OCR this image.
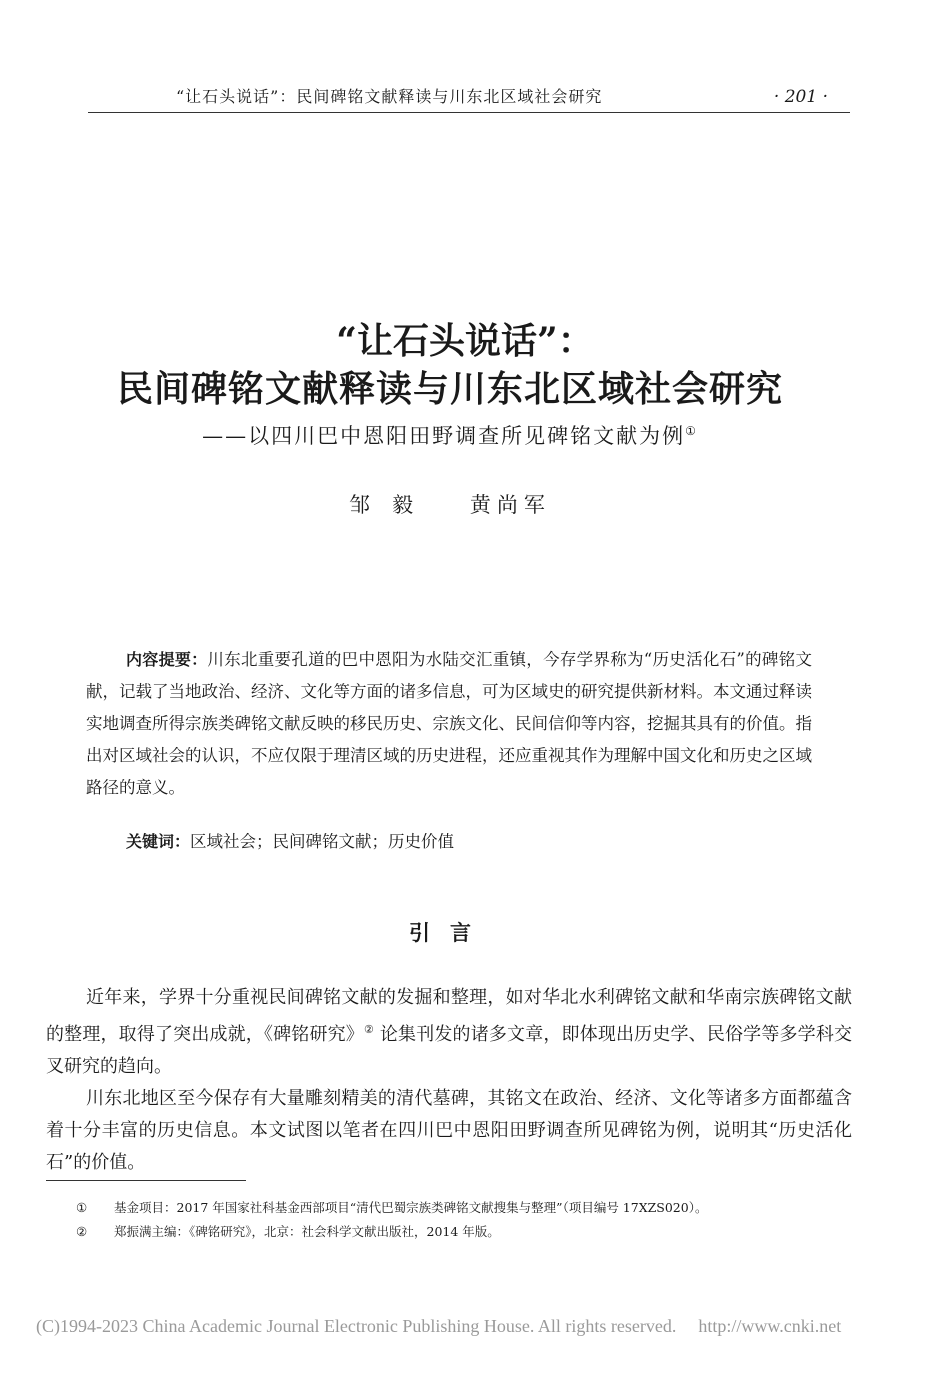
“让石头说话”：民间碑铭文献释读与川东北区域社会研究	· 201 ·
“让石头说话”：
民间碑铭文献释读与川东北区域社会研究
——以四川巴中恩阳田野调查所见碑铭文献为例①
邹毅 黄尚军
内容提要：川东北重要孔道的巴中恩阳为水陆交汇重镇，今存学界称为“历史活化石”的碑铭文献，记载了当地政治、经济、文化等方面的诸多信息，可为区域史的研究提供新材料。本文通过释读实地调查所得宗族类碑铭文献反映的移民历史、宗族文化、民间信仰等内容，挖掘其具有的价值。指出对区域社会的认识，不应仅限于理清区域的历史进程，还应重视其作为理解中国文化和历史之区域路径的意义。
关键词：区域社会；民间碑铭文献；历史价值
引言

近年来，学界十分重视民间碑铭文献的发掘和整理，如对华北水利碑铭文献和华南宗族碑铭文献的整理，取得了突出成就，《碑铭研究》② 论集刊发的诸多文章，即体现出历史学、民俗学等多学科交叉研究的趋向。

川东北地区至今保存有大量雕刻精美的清代墓碑，其铭文在政治、经济、文化等诸多方面都蕴含着十分丰富的历史信息。本文试图以笔者在四川巴中恩阳田野调查所见碑铭为例，说明其“历史活化石”的价值。

① 基金项目：2017 年国家社科基金西部项目“清代巴蜀宗族类碑铭文献搜集与整理”（项目编号 17XZS020）。
② 郑振满主编：《碑铭研究》，北京：社会科学文献出版社，2014 年版。
(C)1994-2023 China Academic Journal Electronic Publishing House. All rights reserved. http://www.cnki.net
